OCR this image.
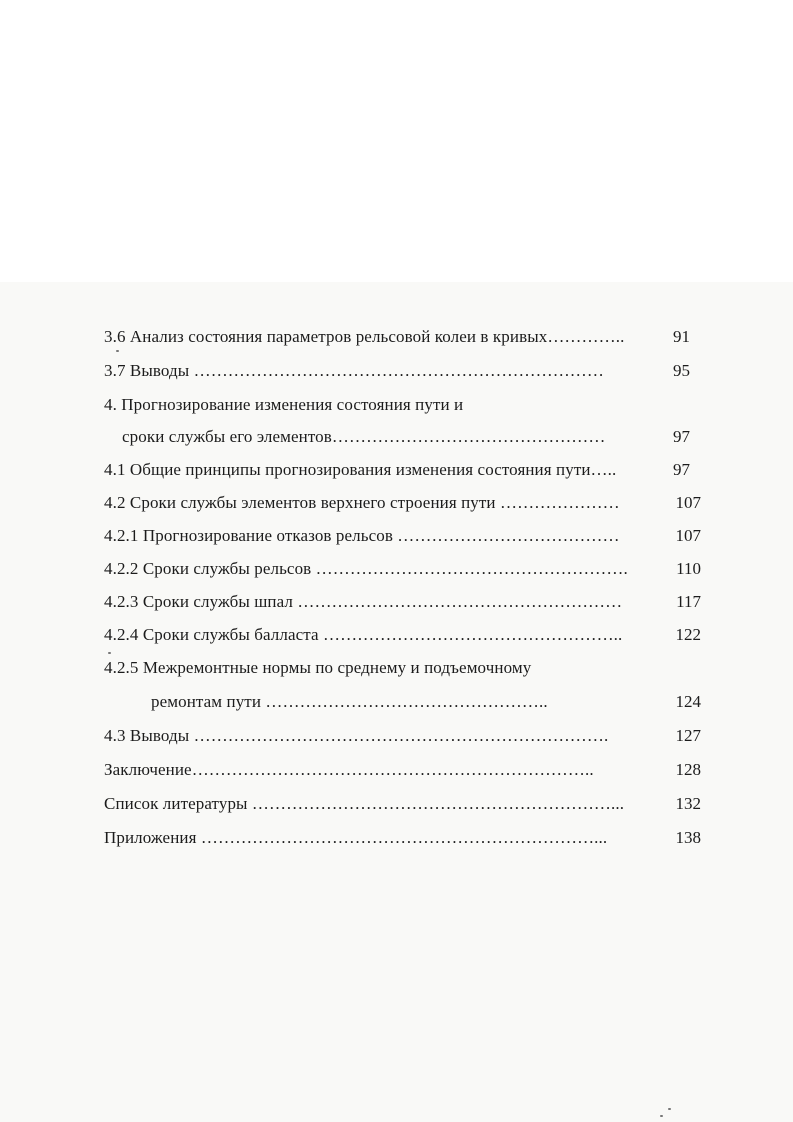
3.6 Анализ состояния параметров рельсовой колеи в кривых…………..	91
3.7 Выводы ………………………………………………………………	95
4. Прогнозирование изменения состояния пути и
сроки службы его элементов…………………………………………	97
4.1 Общие принципы прогнозирования изменения состояния пути…..	97
4.2 Сроки службы элементов верхнего строения пути …………………	107
4.2.1 Прогнозирование отказов рельсов …………………………………	107
4.2.2 Сроки службы рельсов ……………………………………………….	110
4.2.3 Сроки службы шпал …………………………………………………	117
4.2.4 Сроки службы балласта ……………………………………………..	122
4.2.5 Межремонтные нормы по среднему и подъемочному
ремонтам пути …………………………………………..	124
4.3 Выводы ……………………………………………………………….	127
Заключение……………………………………………………………..	128
Список литературы ………………………………………………………...	132
Приложения ……………………………………………………………...	138
